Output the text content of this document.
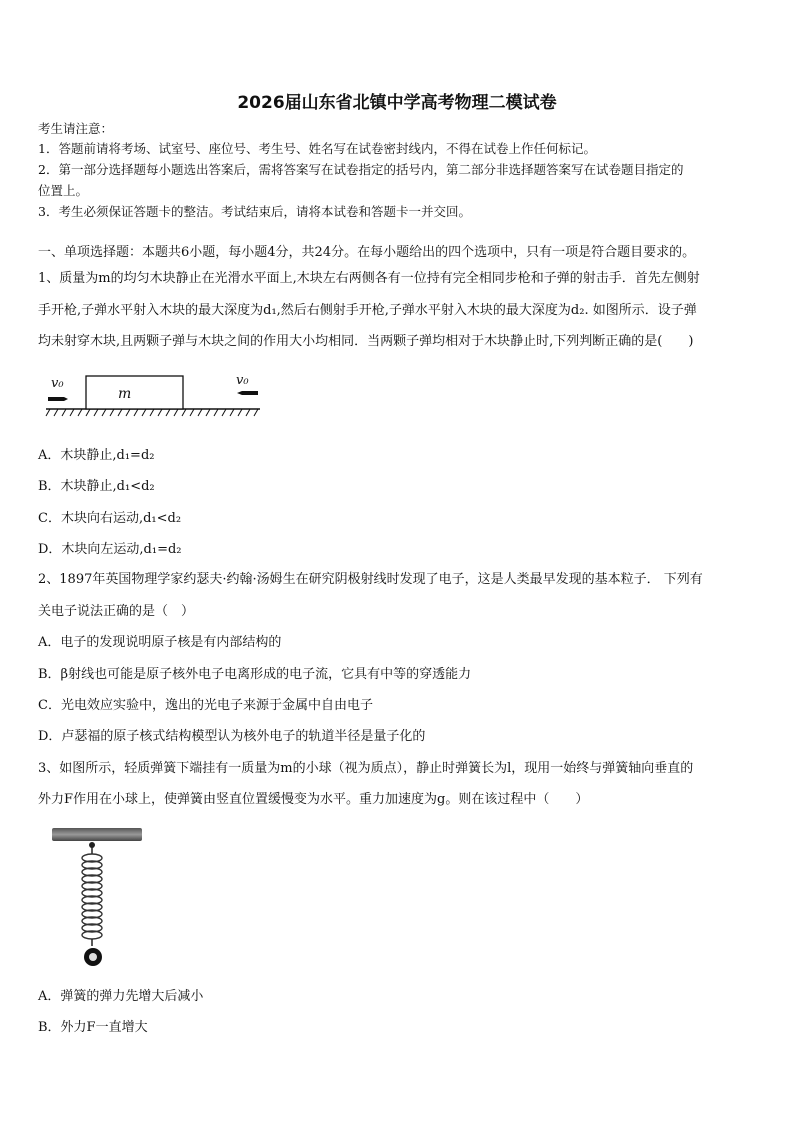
2026届山东省北镇中学高考物理二模试卷
考生请注意：
1．答题前请将考场、试室号、座位号、考生号、姓名写在试卷密封线内，不得在试卷上作任何标记。
2．第一部分选择题每小题选出答案后，需将答案写在试卷指定的括号内，第二部分非选择题答案写在试卷题目指定的
位置上。
3．考生必须保证答题卡的整洁。考试结束后，请将本试卷和答题卡一并交回。
一、单项选择题：本题共6小题，每小题4分，共24分。在每小题给出的四个选项中，只有一项是符合题目要求的。
1、质量为m的均匀木块静止在光滑水平面上,木块左右两侧各有一位持有完全相同步枪和子弹的射击手．首先左侧射
手开枪,子弹水平射入木块的最大深度为d₁,然后右侧射手开枪,子弹水平射入木块的最大深度为d₂. 如图所示．设子弹
均未射穿木块,且两颗子弹与木块之间的作用大小均相同．当两颗子弹均相对于木块静止时,下列判断正确的是(　　)
v₀
m
v₀
A．木块静止,d₁=d₂
B．木块静止,d₁<d₂
C．木块向右运动,d₁<d₂
D．木块向左运动,d₁=d₂
2、1897年英国物理学家约瑟夫·约翰·汤姆生在研究阴极射线时发现了电子，这是人类最早发现的基本粒子． 下列有
关电子说法正确的是（　）
A．电子的发现说明原子核是有内部结构的
B．β射线也可能是原子核外电子电离形成的电子流，它具有中等的穿透能力
C．光电效应实验中，逸出的光电子来源于金属中自由电子
D．卢瑟福的原子核式结构模型认为核外电子的轨道半径是量子化的
3、如图所示，轻质弹簧下端挂有一质量为m的小球（视为质点），静止时弹簧长为l，现用一始终与弹簧轴向垂直的
外力F作用在小球上，使弹簧由竖直位置缓慢变为水平。重力加速度为g。则在该过程中（　　）
A．弹簧的弹力先增大后减小
B．外力F一直增大
